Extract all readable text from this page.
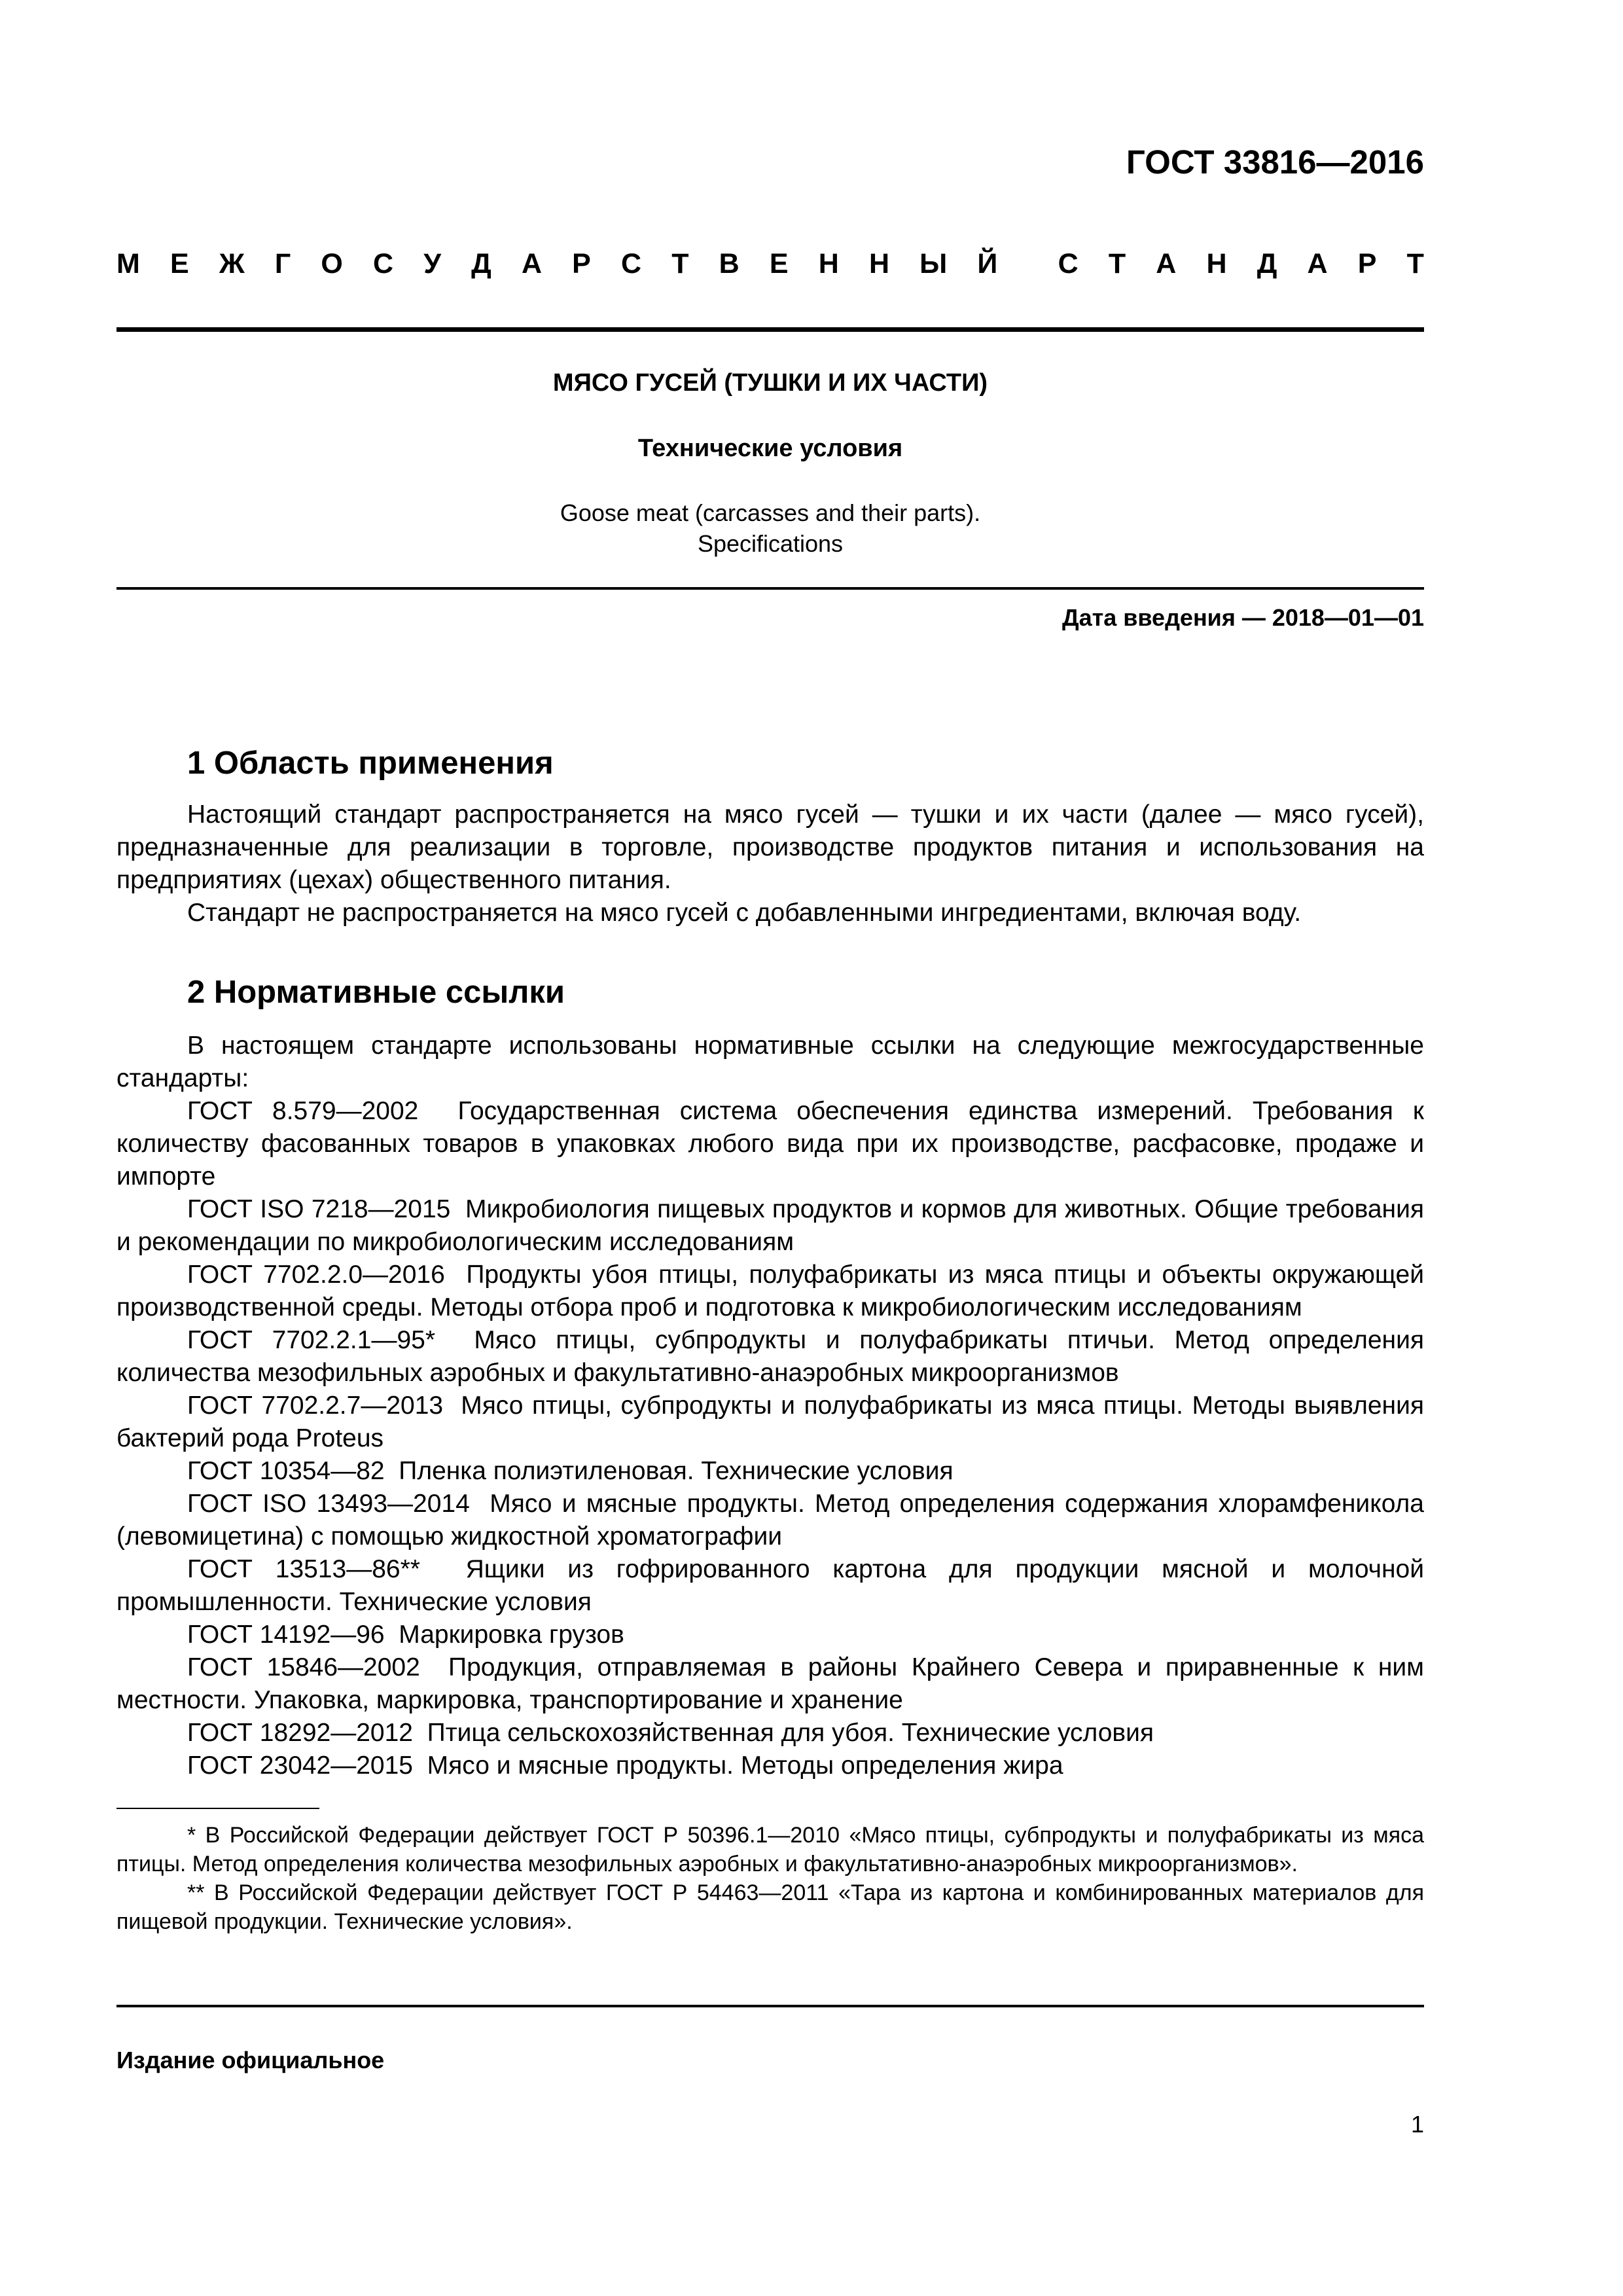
ГОСТ 33816—2016
М Е Ж Г О С У Д А Р С Т В Е Н Н Ы Й С Т А Н Д А Р Т
МЯСО ГУСЕЙ (ТУШКИ И ИХ ЧАСТИ)
Технические условия
Goose meat (carcasses and their parts).
Specifications
Дата введения — 2018—01—01
1 Область применения

Настоящий стандарт распространяется на мясо гусей — тушки и их части (далее — мясо гусей), предназначенные для реализации в торговле, производстве продуктов питания и использования на предприятиях (цехах) общественного питания.

Стандарт не распространяется на мясо гусей с добавленными ингредиентами, включая воду.

2 Нормативные ссылки

В настоящем стандарте использованы нормативные ссылки на следующие межгосударственные стандарты:

ГОСТ 8.579—2002  Государственная система обеспечения единства измерений. Требования к количеству фасованных товаров в упаковках любого вида при их производстве, расфасовке, продаже и импорте

ГОСТ ISO 7218—2015  Микробиология пищевых продуктов и кормов для животных. Общие требования и рекомендации по микробиологическим исследованиям

ГОСТ 7702.2.0—2016  Продукты убоя птицы, полуфабрикаты из мяса птицы и объекты окружающей производственной среды. Методы отбора проб и подготовка к микробиологическим исследованиям

ГОСТ 7702.2.1—95*  Мясо птицы, субпродукты и полуфабрикаты птичьи. Метод определения количества мезофильных аэробных и факультативно-анаэробных микроорганизмов

ГОСТ 7702.2.7—2013  Мясо птицы, субпродукты и полуфабрикаты из мяса птицы. Методы выявления бактерий рода Proteus

ГОСТ 10354—82  Пленка полиэтиленовая. Технические условия

ГОСТ ISO 13493—2014  Мясо и мясные продукты. Метод определения содержания хлорамфеникола (левомицетина) с помощью жидкостной хроматографии

ГОСТ 13513—86**  Ящики из гофрированного картона для продукции мясной и молочной промышленности. Технические условия

ГОСТ 14192—96  Маркировка грузов

ГОСТ 15846—2002  Продукция, отправляемая в районы Крайнего Севера и приравненные к ним местности. Упаковка, маркировка, транспортирование и хранение

ГОСТ 18292—2012  Птица сельскохозяйственная для убоя. Технические условия

ГОСТ 23042—2015  Мясо и мясные продукты. Методы определения жира

* В Российской Федерации действует ГОСТ Р 50396.1—2010 «Мясо птицы, субпродукты и полуфабрикаты из мяса птицы. Метод определения количества мезофильных аэробных и факультативно-анаэробных микроорганизмов».

** В Российской Федерации действует ГОСТ Р 54463—2011 «Тара из картона и комбинированных материалов для пищевой продукции. Технические условия».

Издание официальное
1
